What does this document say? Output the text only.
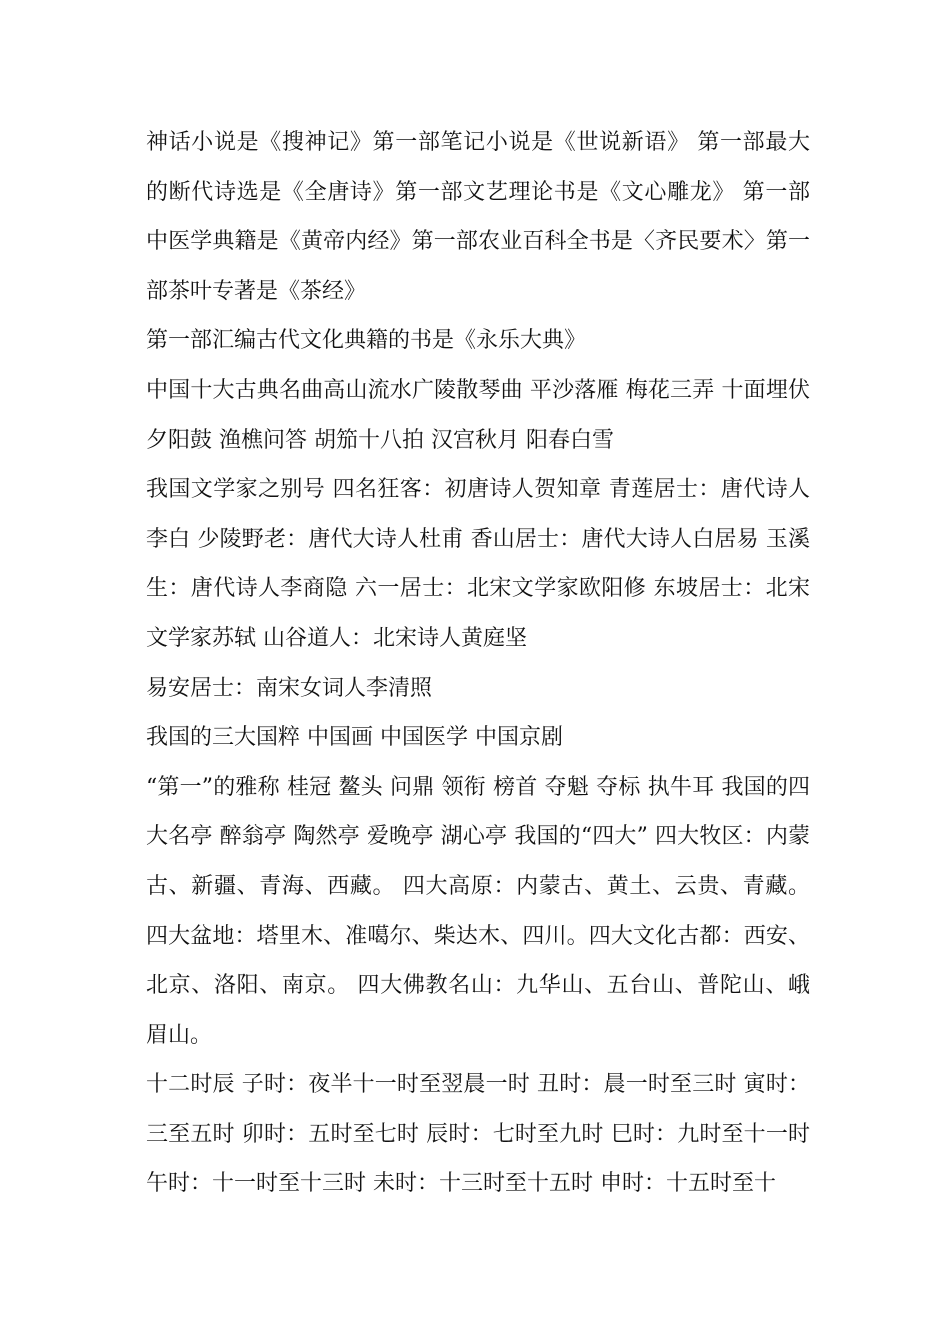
神话小说是《搜神记》第一部笔记小说是《世说新语》 第一部最大的断代诗选是《全唐诗》第一部文艺理论书是《文心雕龙》 第一部中医学典籍是《黄帝内经》第一部农业百科全书是〈齐民要术〉第一部茶叶专著是《茶经》

第一部汇编古代文化典籍的书是《永乐大典》

中国十大古典名曲高山流水广陵散琴曲 平沙落雁 梅花三弄 十面埋伏 夕阳鼓 渔樵问答 胡笳十八拍 汉宫秋月 阳春白雪

我国文学家之别号 四名狂客：初唐诗人贺知章 青莲居士：唐代诗人李白 少陵野老：唐代大诗人杜甫 香山居士：唐代大诗人白居易 玉溪生：唐代诗人李商隐 六一居士：北宋文学家欧阳修 东坡居士：北宋文学家苏轼 山谷道人：北宋诗人黄庭坚

易安居士：南宋女词人李清照

我国的三大国粹 中国画 中国医学 中国京剧

“第一”的雅称 桂冠 鳌头 问鼎 领衔 榜首 夺魁 夺标 执牛耳 我国的四大名亭 醉翁亭 陶然亭 爱晚亭 湖心亭 我国的“四大” 四大牧区：内蒙古、新疆、青海、西藏。 四大高原：内蒙古、黄土、云贵、青藏。 四大盆地：塔里木、准噶尔、柴达木、四川。四大文化古都：西安、北京、洛阳、南京。 四大佛教名山：九华山、五台山、普陀山、峨眉山。

十二时辰 子时：夜半十一时至翌晨一时 丑时：晨一时至三时 寅时：三至五时 卯时：五时至七时 辰时：七时至九时 巳时：九时至十一时午时：十一时至十三时 未时：十三时至十五时 申时：十五时至十
